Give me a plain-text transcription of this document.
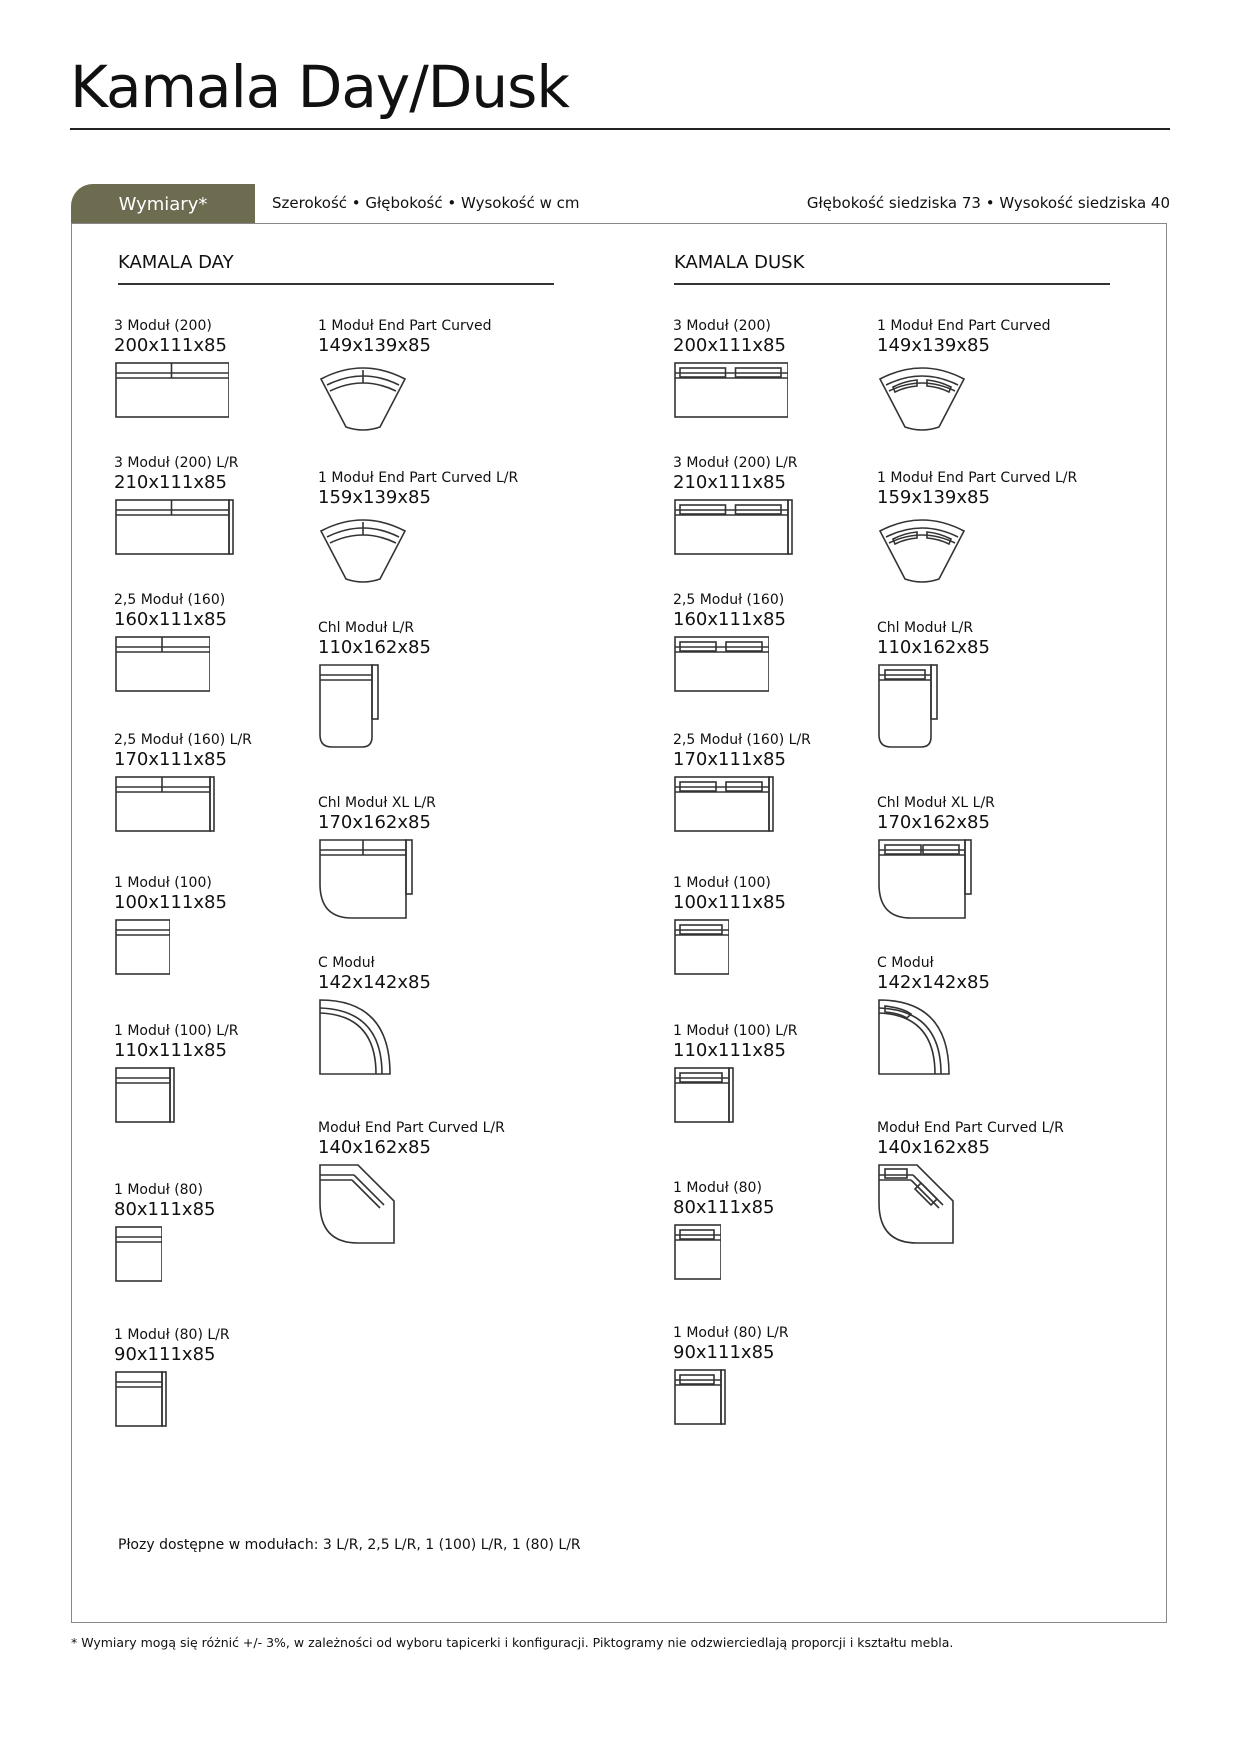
Kamala Day/Dusk
Wymiary*	Szerokość • Głębokość • Wysokość w cm	Głębokość siedziska 73 • Wysokość siedziska 40
KAMALA DAY	KAMALA DUSK
3 Moduł (200)
200x111x85
3 Moduł (200) L/R
210x111x85
2,5 Moduł (160)
160x111x85
2,5 Moduł (160) L/R
170x111x85
1 Moduł (100)
100x111x85
1 Moduł (100) L/R
110x111x85
1 Moduł (80)
80x111x85
1 Moduł (80) L/R
90x111x85
1 Moduł End Part Curved
149x139x85
1 Moduł End Part Curved L/R
159x139x85
Chl Moduł L/R
110x162x85
Chl Moduł XL L/R
170x162x85
C Moduł
142x142x85
Moduł End Part Curved L/R
140x162x85
3 Moduł (200)
200x111x85
3 Moduł (200) L/R
210x111x85
2,5 Moduł (160)
160x111x85
2,5 Moduł (160) L/R
170x111x85
1 Moduł (100)
100x111x85
1 Moduł (100) L/R
110x111x85
1 Moduł (80)
80x111x85
1 Moduł (80) L/R
90x111x85
1 Moduł End Part Curved
149x139x85
1 Moduł End Part Curved L/R
159x139x85
Chl Moduł L/R
110x162x85
Chl Moduł XL L/R
170x162x85
C Moduł
142x142x85
Moduł End Part Curved L/R
140x162x85
Płozy dostępne w modułach: 3 L/R, 2,5 L/R, 1 (100) L/R, 1 (80) L/R
* Wymiary mogą się różnić +/- 3%, w zależności od wyboru tapicerki i konfiguracji. Piktogramy nie odzwierciedlają proporcji i kształtu mebla.
